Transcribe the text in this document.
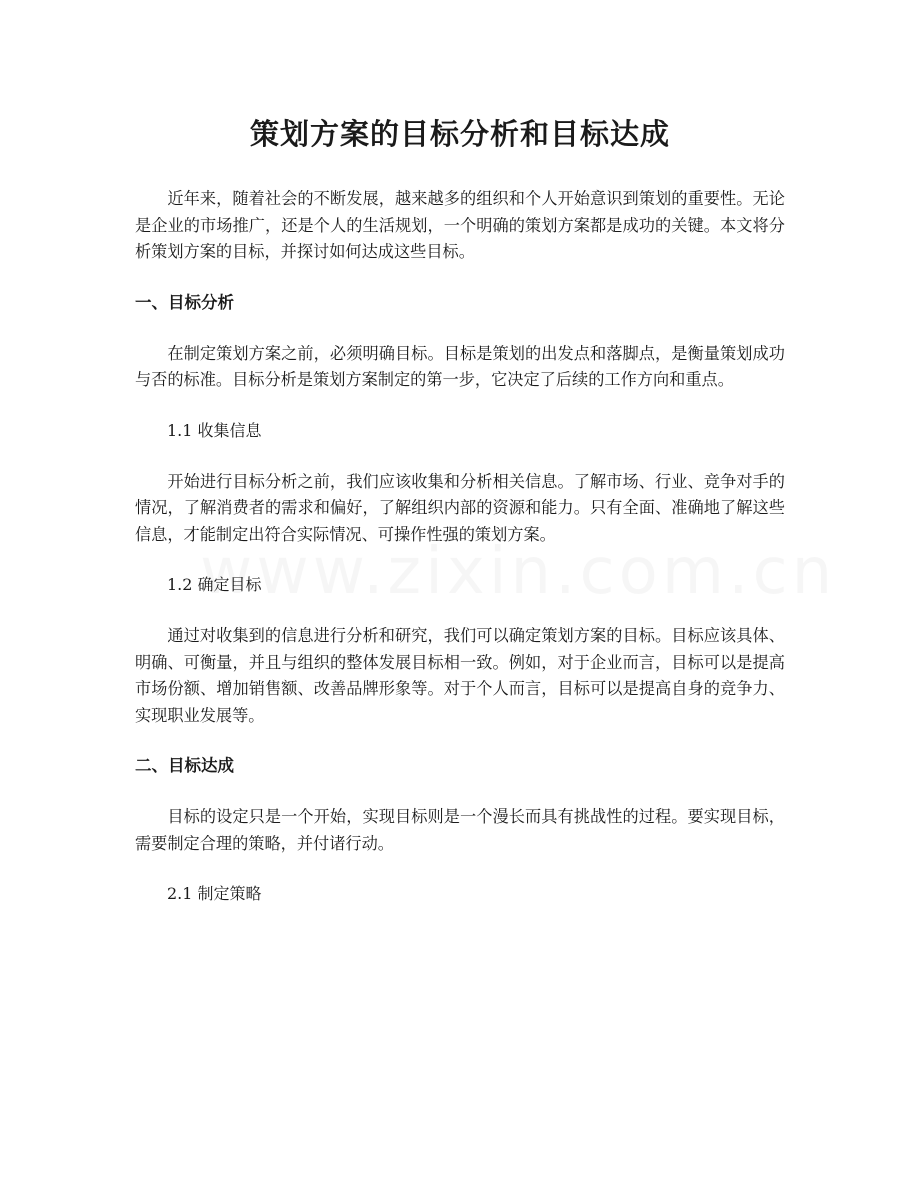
策划方案的目标分析和目标达成

近年来，随着社会的不断发展，越来越多的组织和个人开始意识到策划的重要性。无论是企业的市场推广，还是个人的生活规划，一个明确的策划方案都是成功的关键。本文将分析策划方案的目标，并探讨如何达成这些目标。

一、目标分析

在制定策划方案之前，必须明确目标。目标是策划的出发点和落脚点，是衡量策划成功与否的标准。目标分析是策划方案制定的第一步，它决定了后续的工作方向和重点。

1.1 收集信息

开始进行目标分析之前，我们应该收集和分析相关信息。了解市场、行业、竞争对手的情况，了解消费者的需求和偏好，了解组织内部的资源和能力。只有全面、准确地了解这些信息，才能制定出符合实际情况、可操作性强的策划方案。

1.2 确定目标

通过对收集到的信息进行分析和研究，我们可以确定策划方案的目标。目标应该具体、明确、可衡量，并且与组织的整体发展目标相一致。例如，对于企业而言，目标可以是提高市场份额、增加销售额、改善品牌形象等。对于个人而言，目标可以是提高自身的竞争力、实现职业发展等。

二、目标达成

目标的设定只是一个开始，实现目标则是一个漫长而具有挑战性的过程。要实现目标，需要制定合理的策略，并付诸行动。

2.1 制定策略
